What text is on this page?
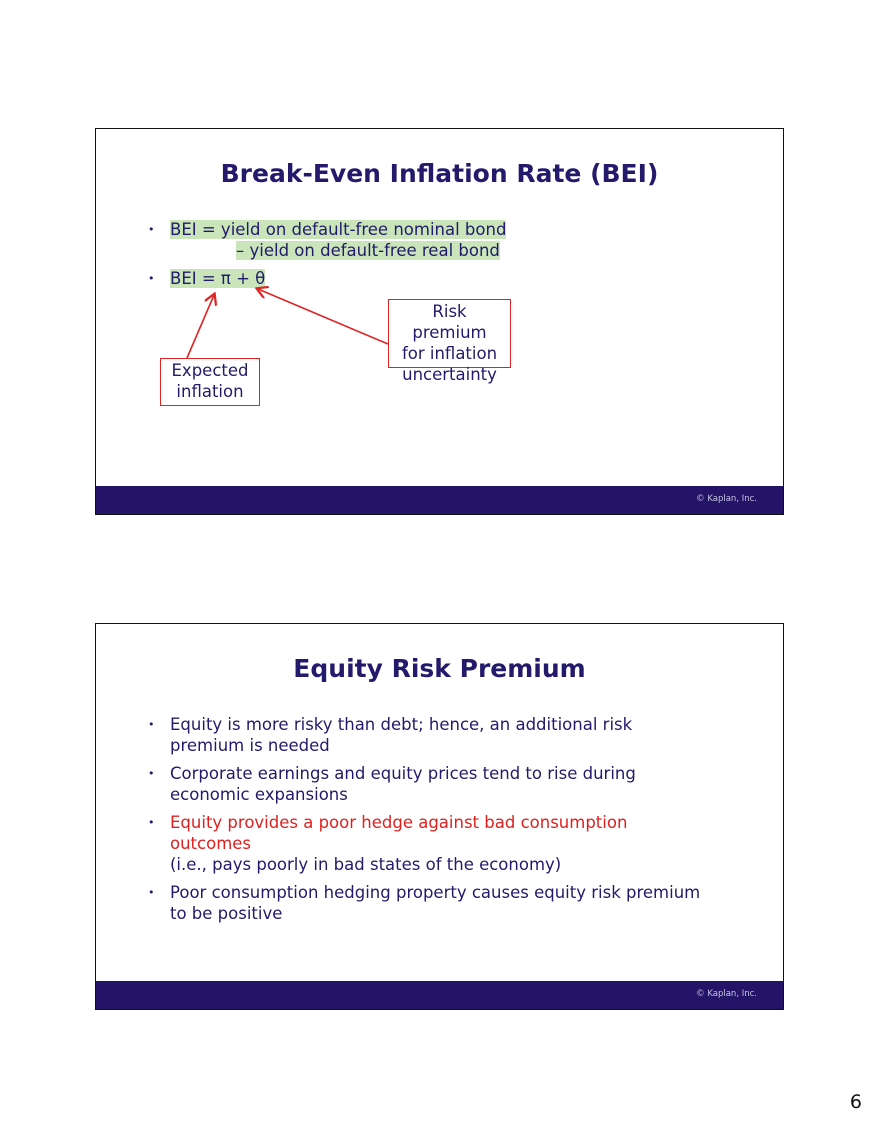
Break-Even Inflation Rate (BEI)
• BEI = yield on default-free nominal bond
– yield on default-free real bond
• BEI = π + θ
Risk premium
for inflation
uncertainty
Expected
inflation
© Kaplan, Inc.
Equity Risk Premium
• Equity is more risky than debt; hence, an additional risk premium is needed
• Corporate earnings and equity prices tend to rise during economic expansions
• Equity provides a poor hedge against bad consumption outcomes
(i.e., pays poorly in bad states of the economy)
• Poor consumption hedging property causes equity risk premium to be positive
© Kaplan, Inc.
6
